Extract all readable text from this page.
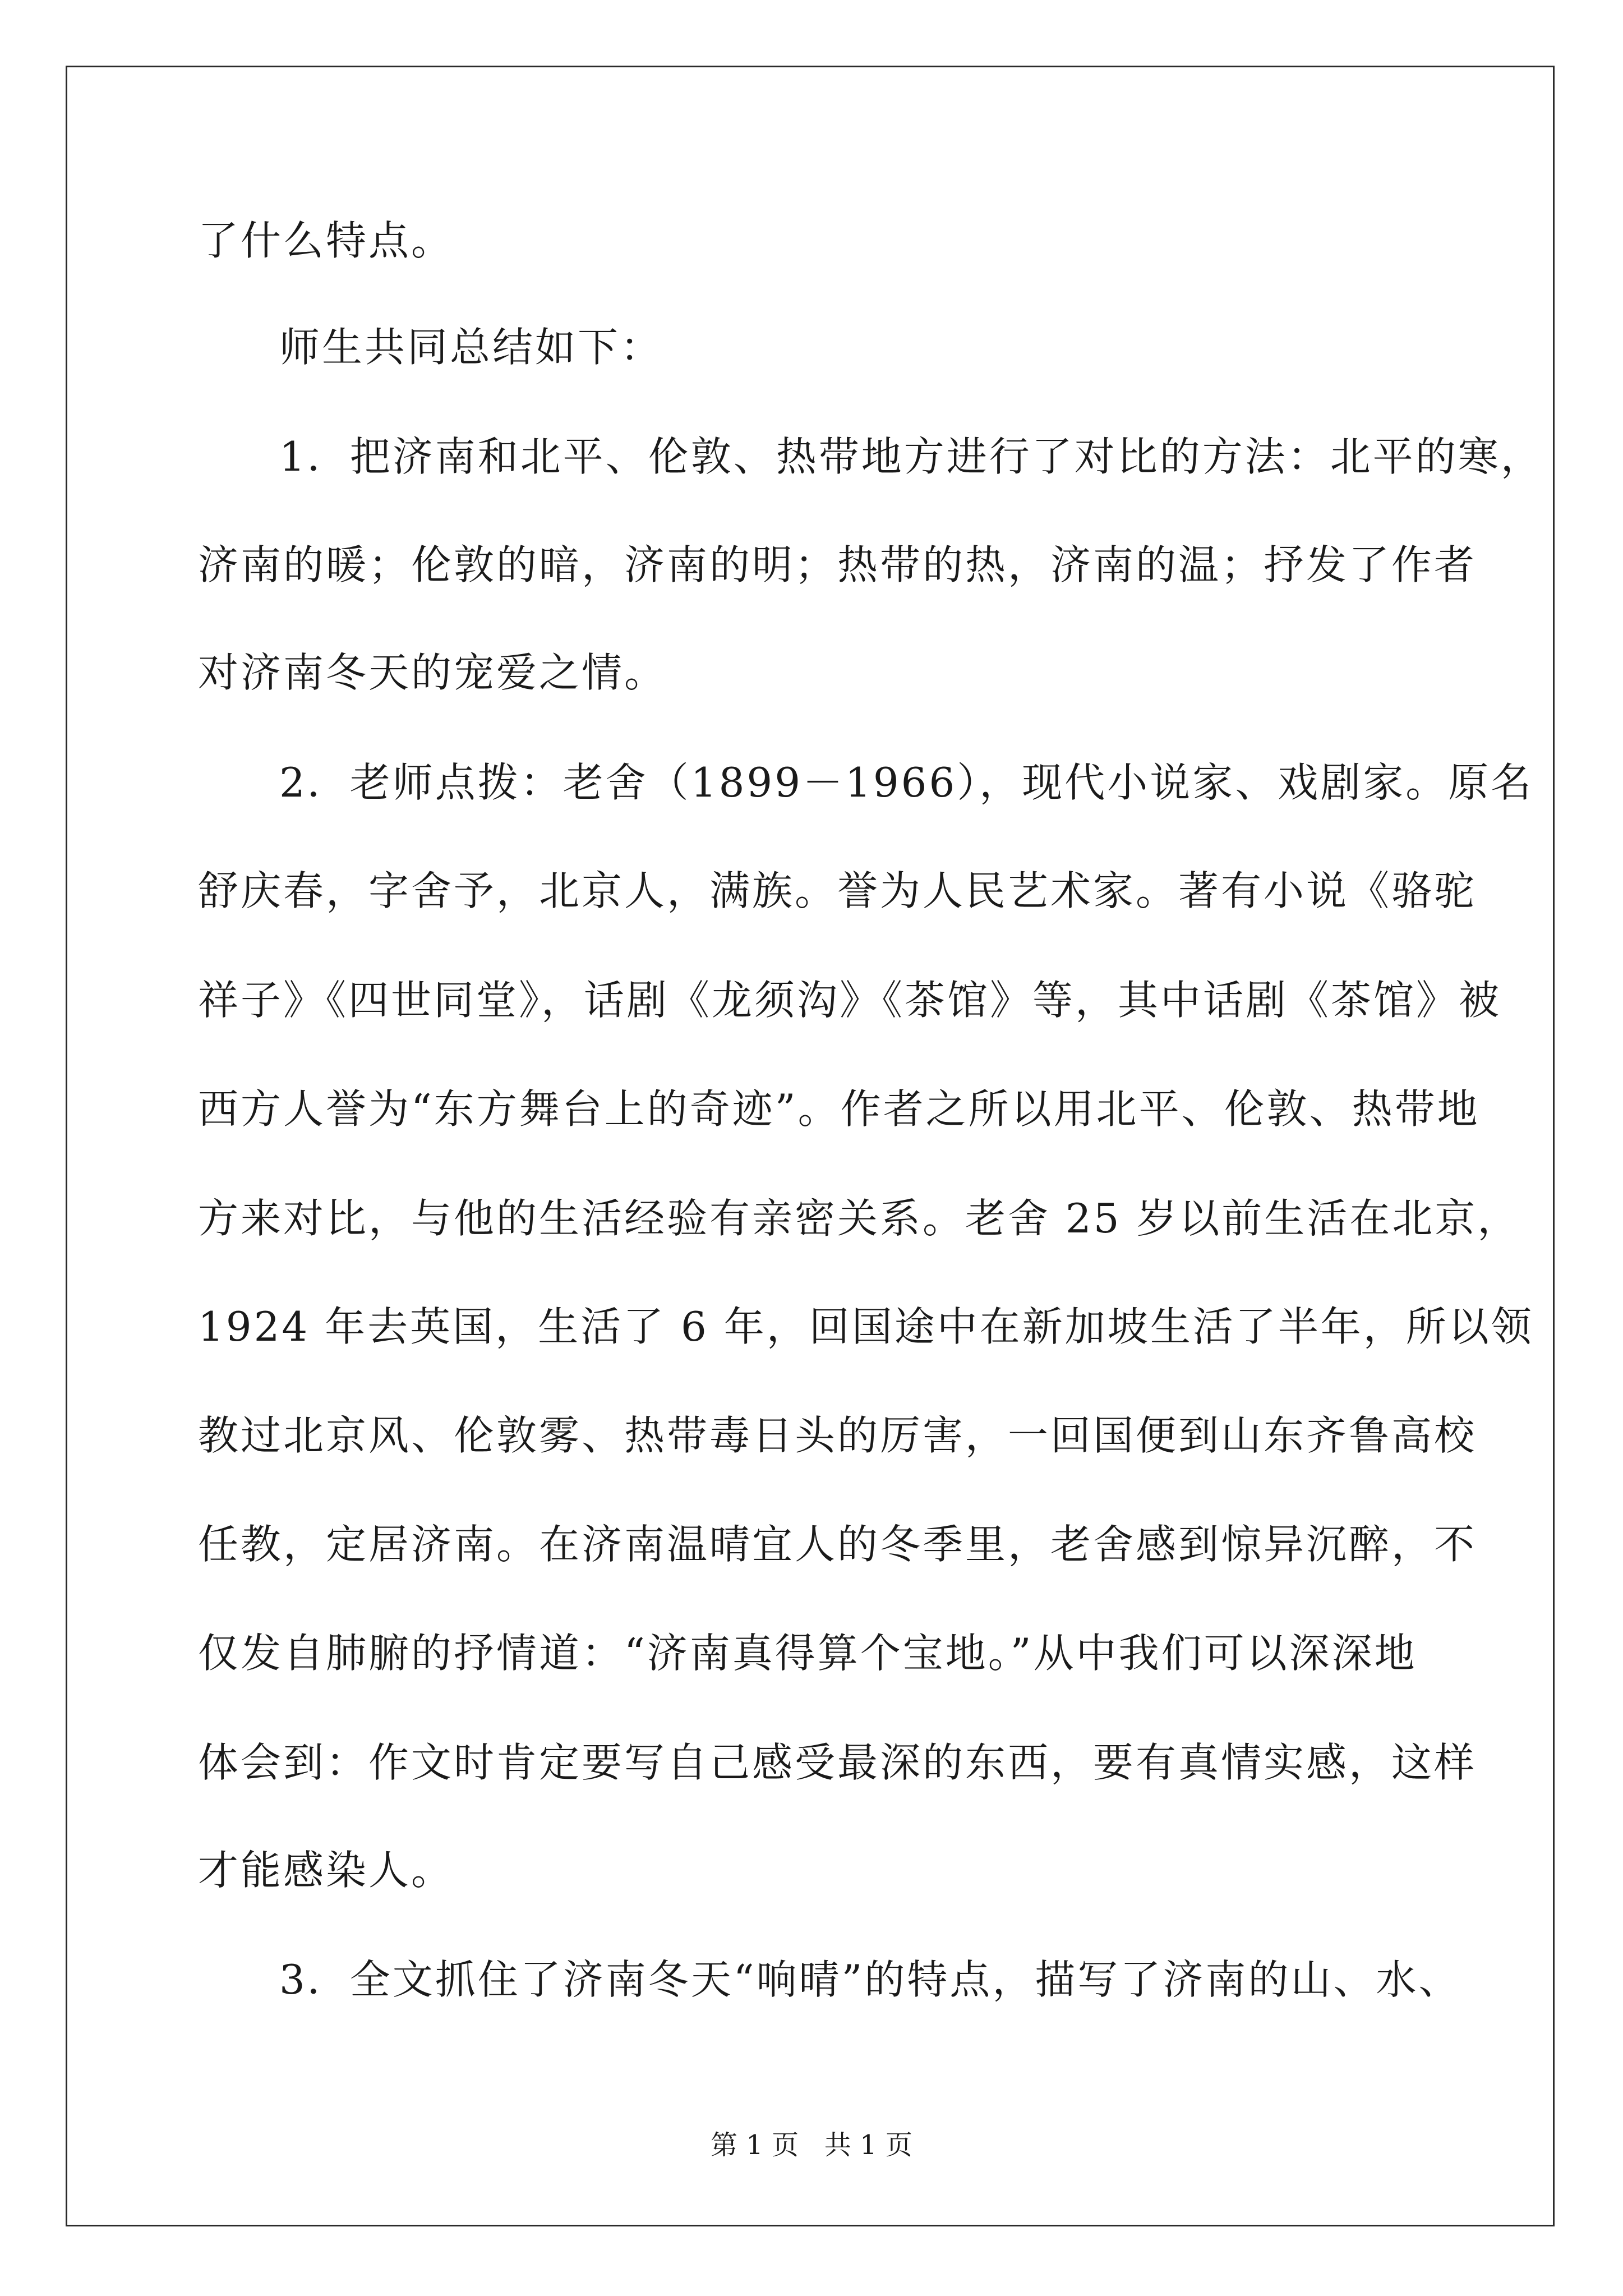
了什么特点。
师生共同总结如下：
1．把济南和北平、伦敦、热带地方进行了对比的方法：北平的寒，
济南的暖；伦敦的暗，济南的明；热带的热，济南的温；抒发了作者
对济南冬天的宠爱之情。
2．老师点拨：老舍（1899－1966），现代小说家、戏剧家。原名
舒庆春，字舍予，北京人，满族。誉为人民艺术家。著有小说《骆驼
祥子》《四世同堂》，话剧《龙须沟》《茶馆》等，其中话剧《茶馆》被
西方人誉为“东方舞台上的奇迹”。作者之所以用北平、伦敦、热带地
方来对比，与他的生活经验有亲密关系。老舍 25 岁以前生活在北京，
1924 年去英国，生活了 6 年，回国途中在新加坡生活了半年，所以领
教过北京风、伦敦雾、热带毒日头的厉害，一回国便到山东齐鲁高校
任教，定居济南。在济南温晴宜人的冬季里，老舍感到惊异沉醉，不
仅发自肺腑的抒情道：“济南真得算个宝地。”从中我们可以深深地
体会到：作文时肯定要写自己感受最深的东西，要有真情实感，这样
才能感染人。
3．全文抓住了济南冬天“响晴”的特点，描写了济南的山、水、
第 1 页   共 1 页
